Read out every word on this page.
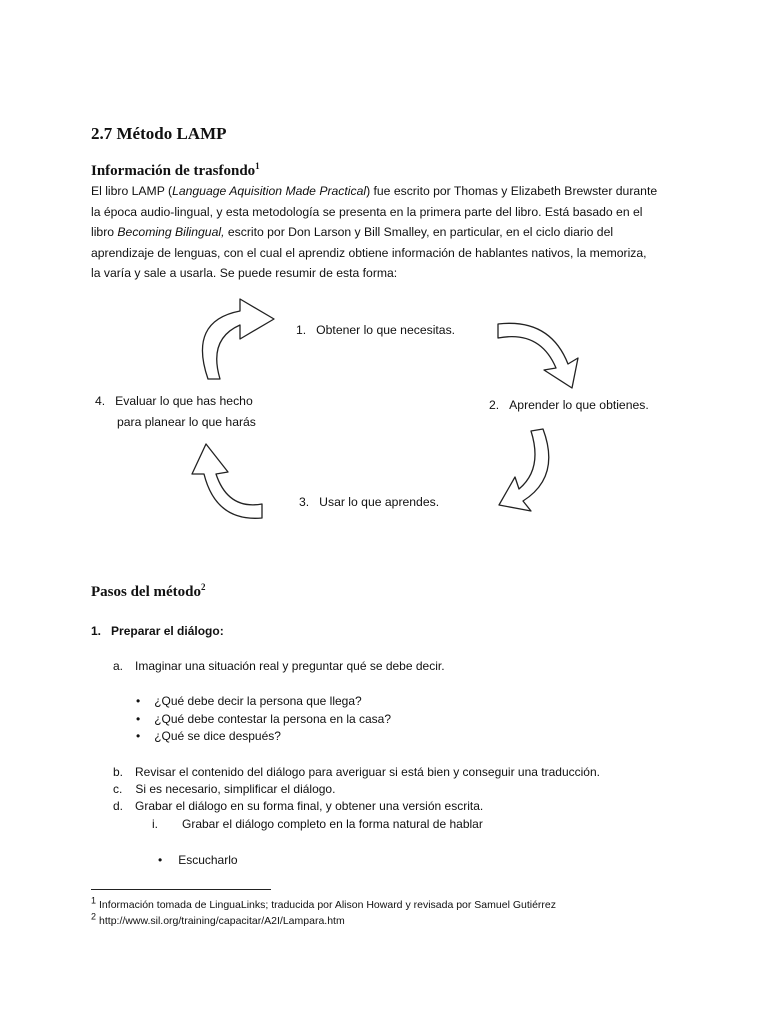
2.7 Método LAMP
Información de trasfondo$^1$
El libro LAMP (Language Aquisition Made Practical) fue escrito por Thomas y Elizabeth Brewster durante
la época audio-lingual, y esta metodología se presenta en la primera parte del libro. Está basado en el
libro Becoming Bilingual, escrito por Don Larson y Bill Smalley, en particular, en el ciclo diario del
aprendizaje de lenguas, con el cual el aprendiz obtiene información de hablantes nativos, la memoriza,
la varía y sale a usarla. Se puede resumir de esta forma:
1. Obtener lo que necesitas.
2. Aprender lo que obtienes.
3. Usar lo que aprendes.
4. Evaluar lo que has hecho
para planear lo que harás
Pasos del método$^2$
1. Preparar el diálogo:
a. Imaginar una situación real y preguntar qué se debe decir.
• ¿Qué debe decir la persona que llega?
• ¿Qué debe contestar la persona en la casa?
• ¿Qué se dice después?
b. Revisar el contenido del diálogo para averiguar si está bien y conseguir una traducción.
c. Si es necesario, simplificar el diálogo.
d. Grabar el diálogo en su forma final, y obtener una versión escrita.
i. Grabar el diálogo completo en la forma natural de hablar
• Escucharlo
$^1$ Información tomada de LinguaLinks; traducida por Alison Howard y revisada por Samuel Gutiérrez
$^2$ http://www.sil.org/training/capacitar/A2I/Lampara.htm
